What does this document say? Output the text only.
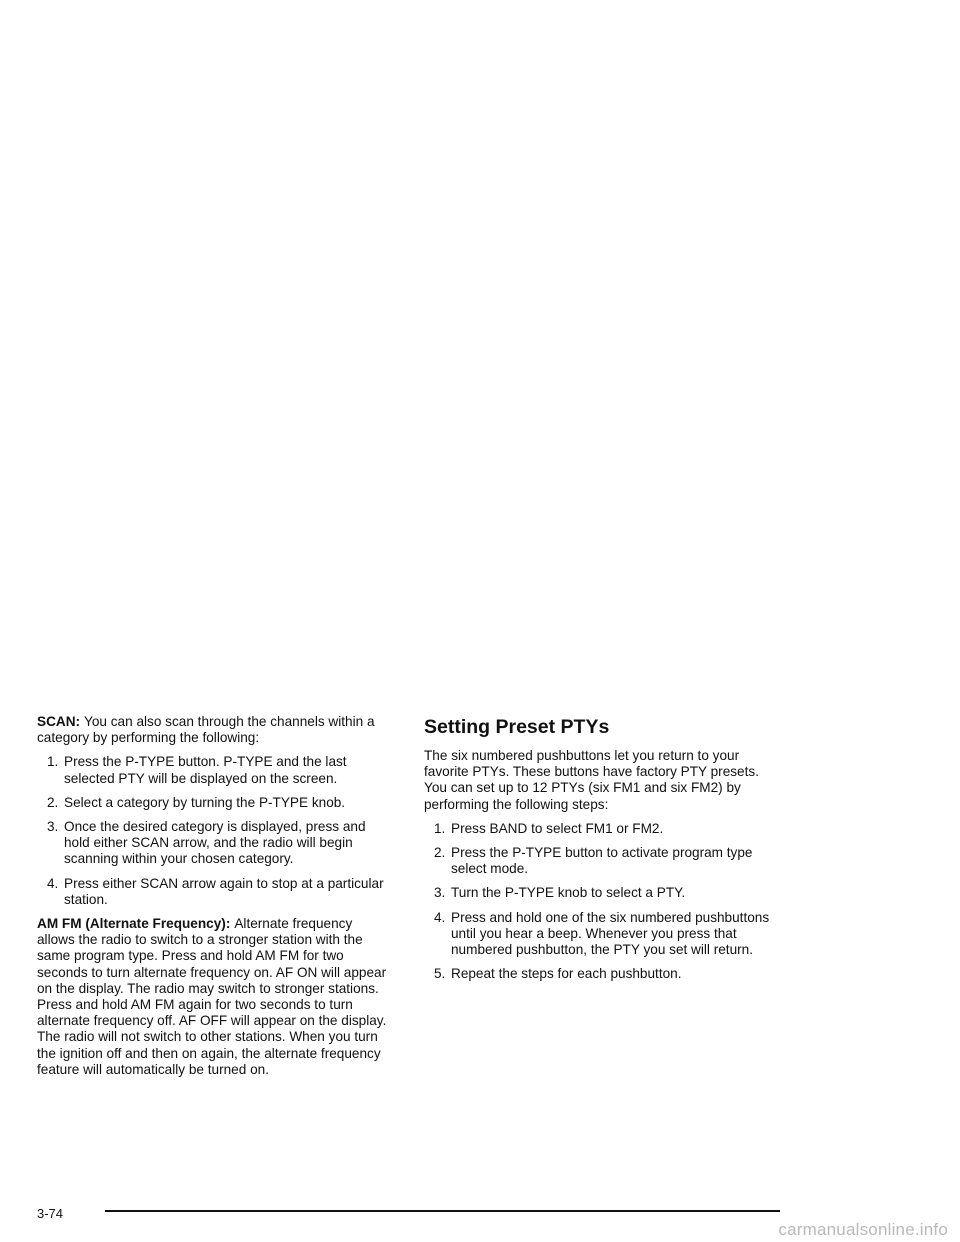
SCAN: You can also scan through the channels within a category by performing the following:

1. Press the P-TYPE button. P-TYPE and the last selected PTY will be displayed on the screen.
2. Select a category by turning the P-TYPE knob.
3. Once the desired category is displayed, press and hold either SCAN arrow, and the radio will begin scanning within your chosen category.
4. Press either SCAN arrow again to stop at a particular station.

AM FM (Alternate Frequency): Alternate frequency allows the radio to switch to a stronger station with the same program type. Press and hold AM FM for two seconds to turn alternate frequency on. AF ON will appear on the display. The radio may switch to stronger stations. Press and hold AM FM again for two seconds to turn alternate frequency off. AF OFF will appear on the display. The radio will not switch to other stations. When you turn the ignition off and then on again, the alternate frequency feature will automatically be turned on.

Setting Preset PTYs

The six numbered pushbuttons let you return to your favorite PTYs. These buttons have factory PTY presets. You can set up to 12 PTYs (six FM1 and six FM2) by performing the following steps:

1. Press BAND to select FM1 or FM2.
2. Press the P-TYPE button to activate program type select mode.
3. Turn the P-TYPE knob to select a PTY.
4. Press and hold one of the six numbered pushbuttons until you hear a beep. Whenever you press that numbered pushbutton, the PTY you set will return.
5. Repeat the steps for each pushbutton.
3-74
carmanualsonline.info
